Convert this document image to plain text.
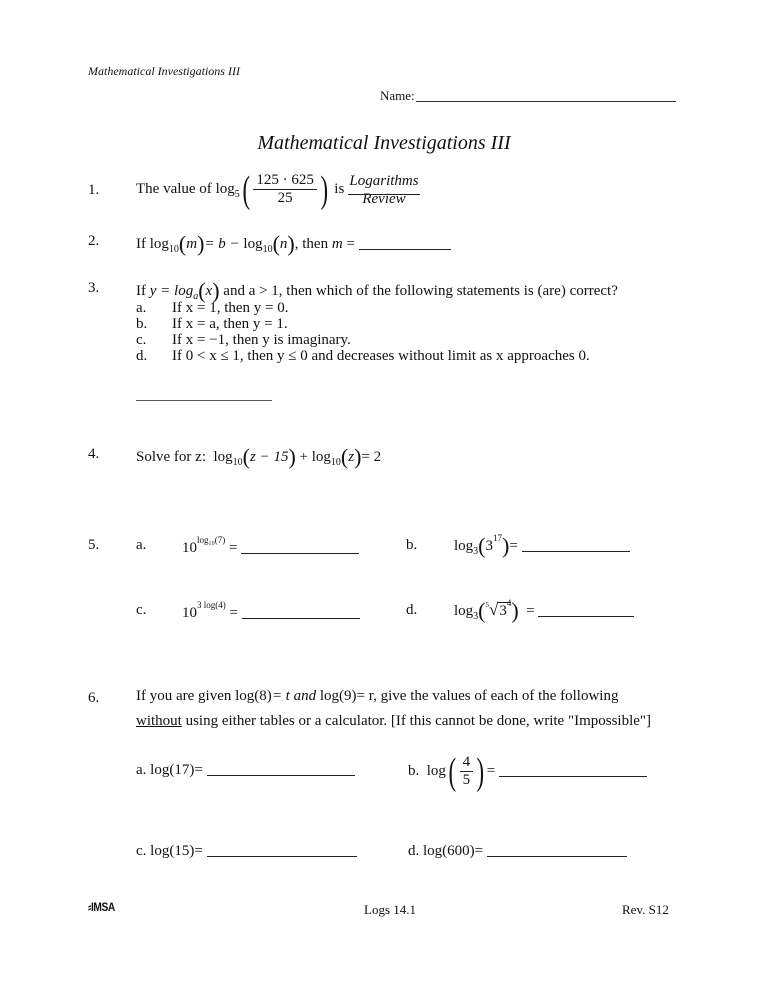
Mathematical Investigations III
Name:
Mathematical Investigations III
Logarithms
Review
1. The value of $\log_5( \frac{125 \cdot 625}{25}$ ) is
2. If $\log_{10}(m)= b - \log_{10}(n)$, then m =
3. If $y = \log_a(x)$ and a > 1, then which of the following statements is (are) correct?
a. If x = 1, then y = 0.
b. If x = a, then y = 1.
c. If x = −1, then y is imaginary.
d. If 0 < x ≤ 1, then y ≤ 0 and decreases without limit as x approaches 0.
4. Solve for z: $\log_{10}(z - 15) + \log_{10}(z)= 2$
5. a. $10^{log_{10}(7)}$ =	b. $\log_3(3^{17})=$
c. $10^{3 log(4)}$ =	d. $\log_3(^5√3^4)$ =
6. If you are given log(8)= t and log(9)= r, give the values of each of the following
without using either tables or a calculator. [If this cannot be done, write "Impossible"]
a. log(17)=	b. $\log( \frac{4}{5}$ ) =
c. log(15)=	d. log(600)=
⸗IMSA	Logs 14.1	Rev. S12
